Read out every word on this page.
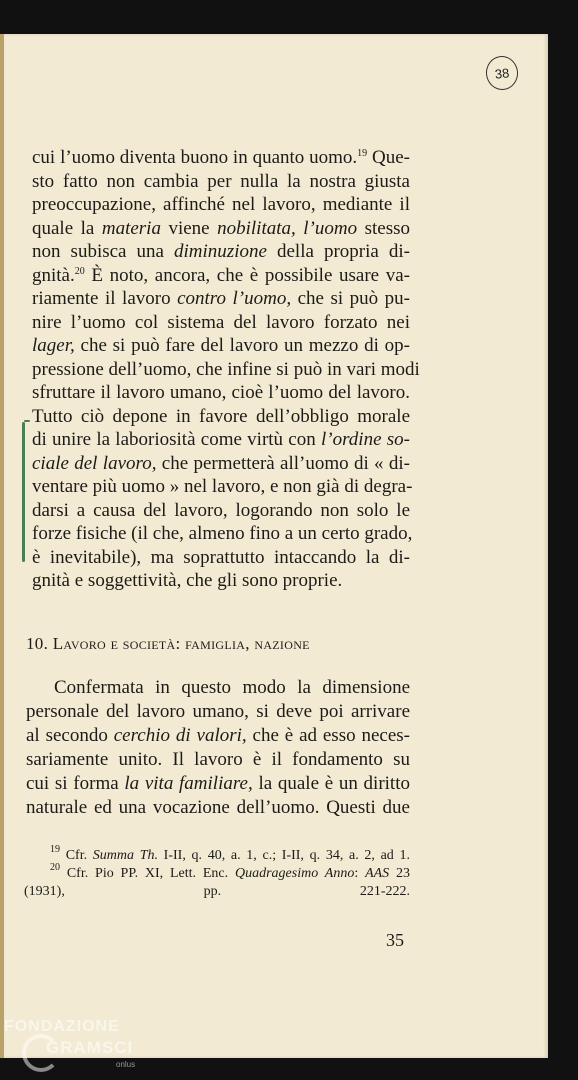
38
cui l’uomo diventa buono in quanto uomo.$^{19}$ Que-
sto fatto non cambia per nulla la nostra giusta
preoccupazione, affinché nel lavoro, mediante il
quale la materia viene nobilitata, l’uomo stesso
non subisca una diminuzione della propria di-
gnità.$^{20}$ È noto, ancora, che è possibile usare va-
riamente il lavoro contro l’uomo, che si può pu-
nire l’uomo col sistema del lavoro forzato nei
lager, che si può fare del lavoro un mezzo di op-
pressione dell’uomo, che infine si può in vari modi
sfruttare il lavoro umano, cioè l’uomo del lavoro.
Tutto ciò depone in favore dell’obbligo morale
di unire la laboriosità come virtù con l’ordine so-
ciale del lavoro, che permetterà all’uomo di « di-
ventare più uomo » nel lavoro, e non già di degra-
darsi a causa del lavoro, logorando non solo le
forze fisiche (il che, almeno fino a un certo grado,
è inevitabile), ma soprattutto intaccando la di-
gnità e soggettività, che gli sono proprie.
10. Lavoro e società: famiglia, nazione
Confermata in questo modo la dimensione
personale del lavoro umano, si deve poi arrivare
al secondo cerchio di valori, che è ad esso neces-
sariamente unito. Il lavoro è il fondamento su
cui si forma la vita familiare, la quale è un diritto
naturale ed una vocazione dell’uomo. Questi due
$^{19}$ Cfr. Summa Th. I-II, q. 40, a. 1, c.; I-II, q. 34, a. 2, ad 1.
$^{20}$ Cfr. Pio PP. XI, Lett. Enc. Quadragesimo Anno: AAS 23
(1931), pp. 221-222.
35
FONDAZIONE
GRAMSCI
onlus
